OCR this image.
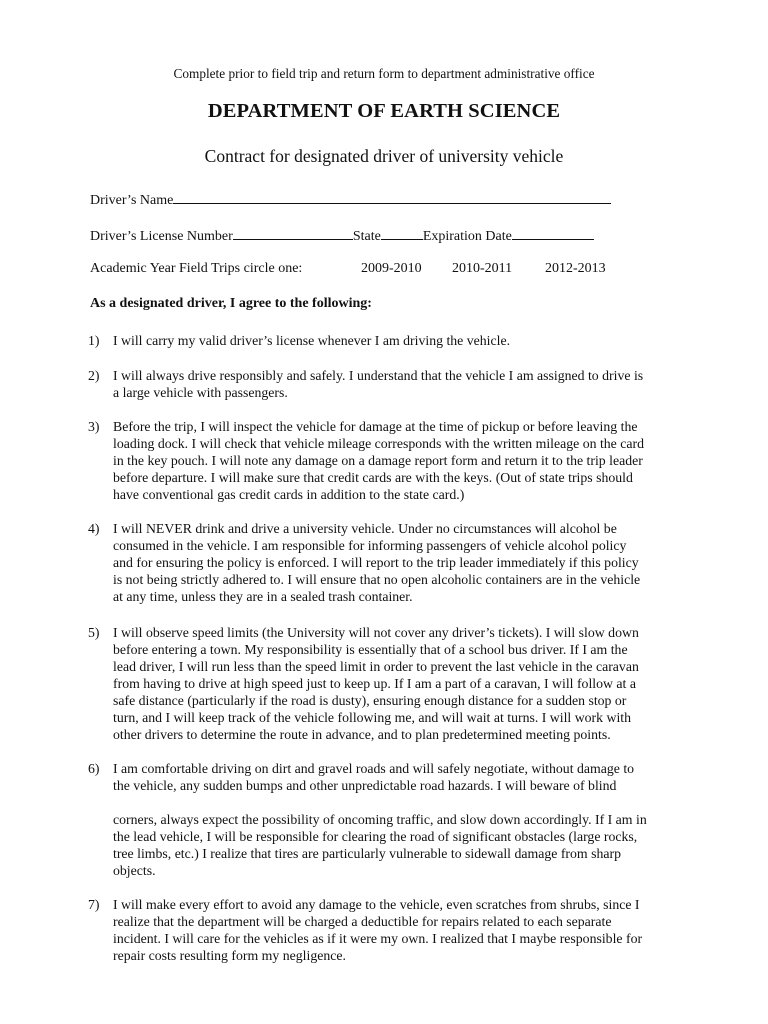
Complete prior to field trip and return form to department administrative office
DEPARTMENT OF EARTH SCIENCE
Contract for designated driver of university vehicle
Driver’s Name
Driver’s License Number	State	Expiration Date
Academic Year Field Trips circle one:	2009-2010 2010-2011 2012-2013
As a designated driver, I agree to the following:
1) I will carry my valid driver’s license whenever I am driving the vehicle.
2) I will always drive responsibly and safely. I understand that the vehicle I am assigned to drive is
a large vehicle with passengers.
3) Before the trip, I will inspect the vehicle for damage at the time of pickup or before leaving the
loading dock. I will check that vehicle mileage corresponds with the written mileage on the card
in the key pouch. I will note any damage on a damage report form and return it to the trip leader
before departure. I will make sure that credit cards are with the keys. (Out of state trips should
have conventional gas credit cards in addition to the state card.)
4) I will NEVER drink and drive a university vehicle. Under no circumstances will alcohol be
consumed in the vehicle. I am responsible for informing passengers of vehicle alcohol policy
and for ensuring the policy is enforced. I will report to the trip leader immediately if this policy
is not being strictly adhered to. I will ensure that no open alcoholic containers are in the vehicle
at any time, unless they are in a sealed trash container.
5) I will observe speed limits (the University will not cover any driver’s tickets). I will slow down
before entering a town. My responsibility is essentially that of a school bus driver. If I am the
lead driver, I will run less than the speed limit in order to prevent the last vehicle in the caravan
from having to drive at high speed just to keep up. If I am a part of a caravan, I will follow at a
safe distance (particularly if the road is dusty), ensuring enough distance for a sudden stop or
turn, and I will keep track of the vehicle following me, and will wait at turns. I will work with
other drivers to determine the route in advance, and to plan predetermined meeting points.
6) I am comfortable driving on dirt and gravel roads and will safely negotiate, without damage to
the vehicle, any sudden bumps and other unpredictable road hazards. I will beware of blind
corners, always expect the possibility of oncoming traffic, and slow down accordingly. If I am in
the lead vehicle, I will be responsible for clearing the road of significant obstacles (large rocks,
tree limbs, etc.) I realize that tires are particularly vulnerable to sidewall damage from sharp
objects.
7) I will make every effort to avoid any damage to the vehicle, even scratches from shrubs, since I
realize that the department will be charged a deductible for repairs related to each separate
incident. I will care for the vehicles as if it were my own. I realized that I maybe responsible for
repair costs resulting form my negligence.
